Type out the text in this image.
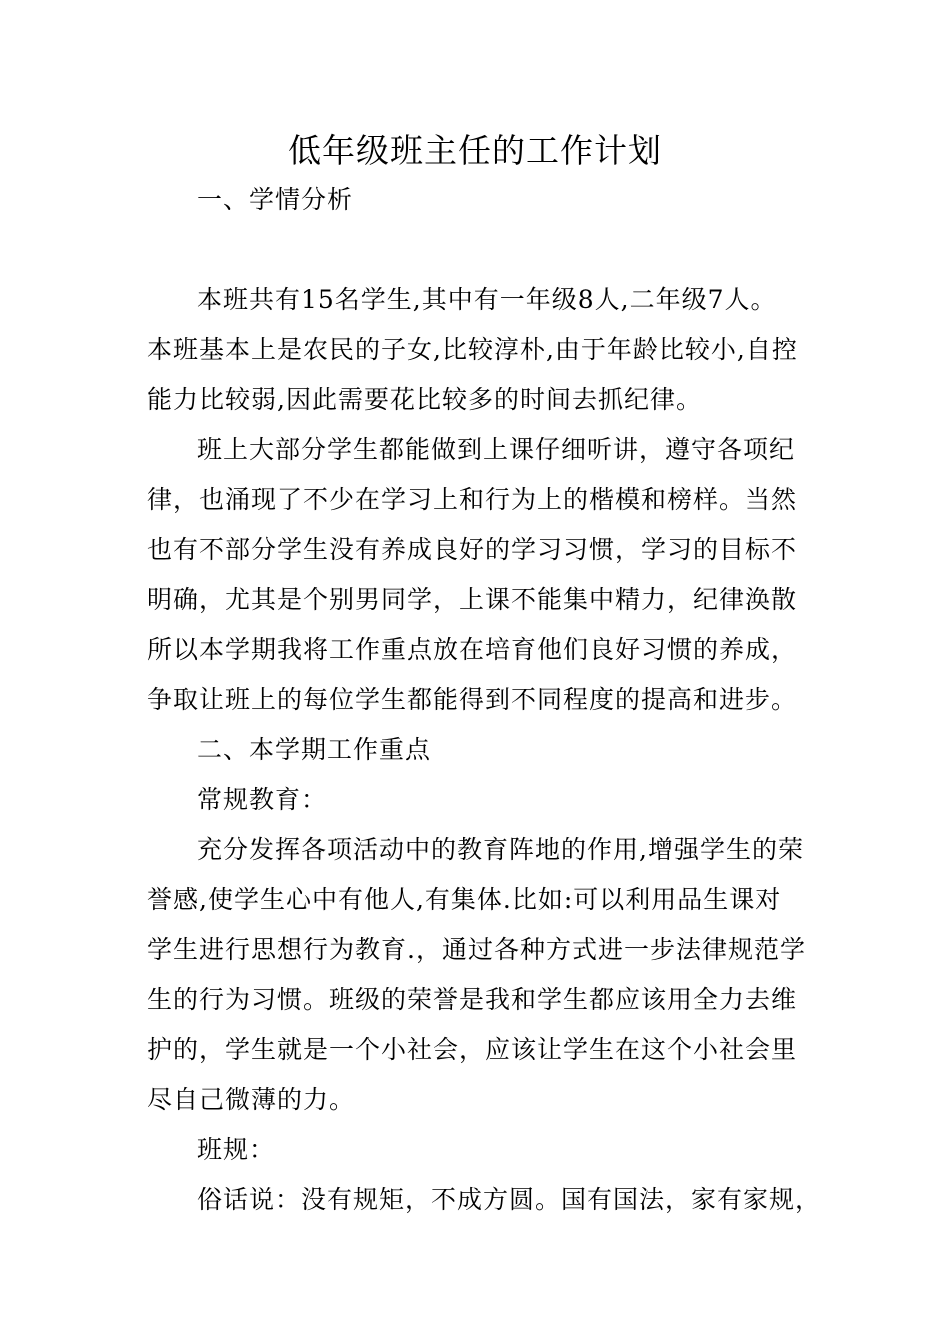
低年级班主任的工作计划
一、学情分析
本班共有15名学生,其中有一年级8人,二年级7人。
本班基本上是农民的子女,比较淳朴,由于年龄比较小,自控
能力比较弱,因此需要花比较多的时间去抓纪律。
班上大部分学生都能做到上课仔细听讲，遵守各项纪
律，也涌现了不少在学习上和行为上的楷模和榜样。当然
也有不部分学生没有养成良好的学习习惯，学习的目标不
明确，尤其是个别男同学，上课不能集中精力，纪律涣散
所以本学期我将工作重点放在培育他们良好习惯的养成，
争取让班上的每位学生都能得到不同程度的提高和进步。
二、本学期工作重点
常规教育：
充分发挥各项活动中的教育阵地的作用,增强学生的荣
誉感,使学生心中有他人,有集体.比如:可以利用品生课对
学生进行思想行为教育.，通过各种方式进一步法律规范学
生的行为习惯。班级的荣誉是我和学生都应该用全力去维
护的，学生就是一个小社会，应该让学生在这个小社会里
尽自己微薄的力。
班规：
俗话说：没有规矩，不成方圆。国有国法，家有家规，
